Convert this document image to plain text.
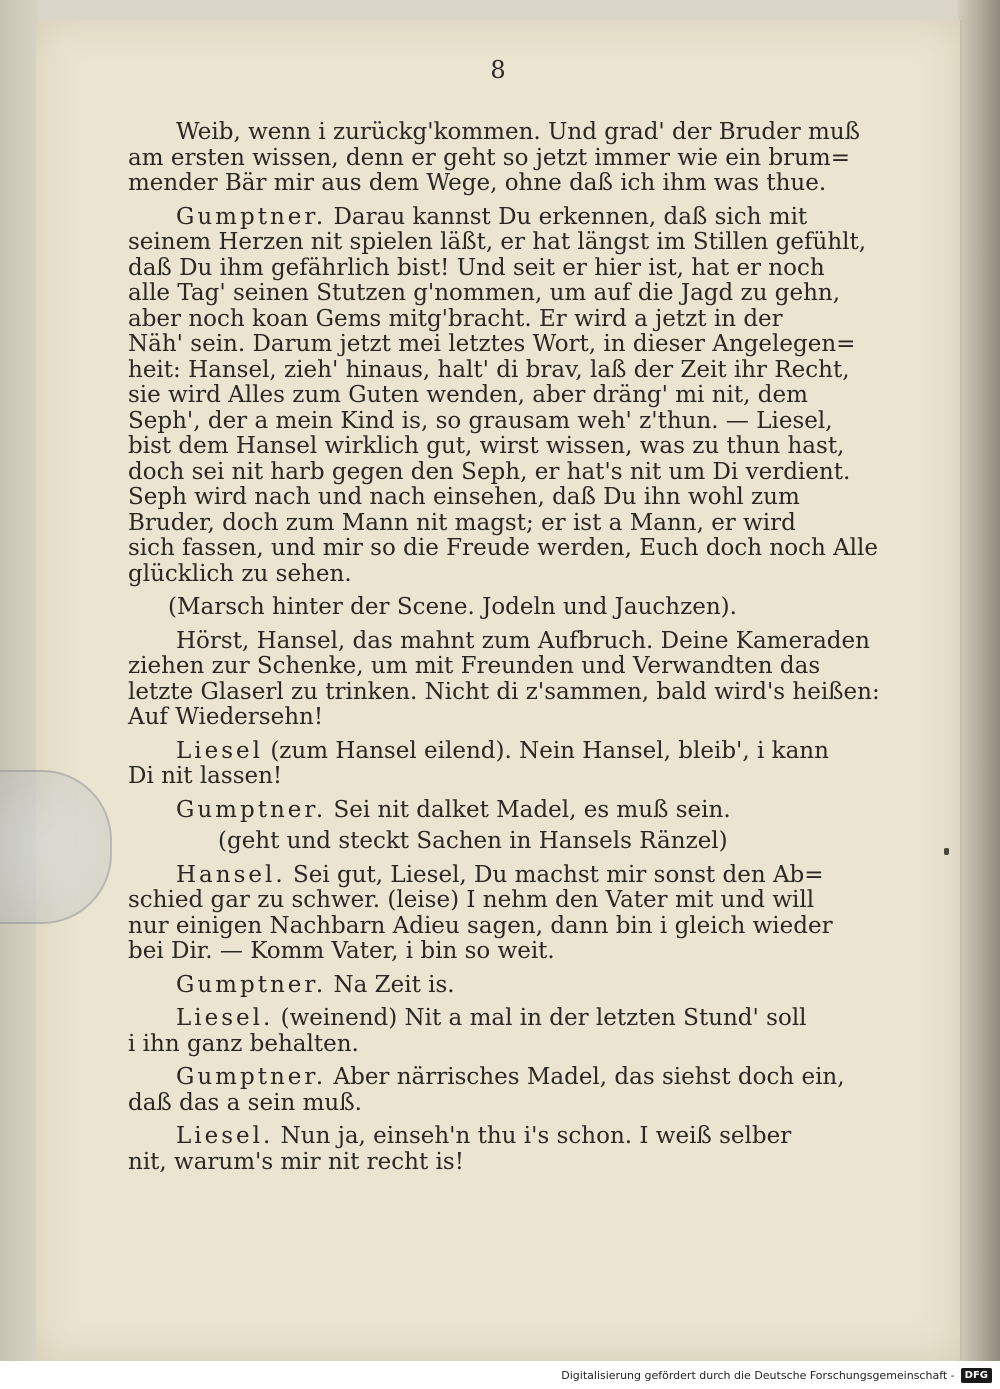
8
Weib, wenn i zurückg'kommen. Und grad' der Bruder muß
am ersten wissen, denn er geht so jetzt immer wie ein brum=
mender Bär mir aus dem Wege, ohne daß ich ihm was thue.
Gumptner. Darau kannst Du erkennen, daß sich mit
seinem Herzen nit spielen läßt, er hat längst im Stillen gefühlt,
daß Du ihm gefährlich bist! Und seit er hier ist, hat er noch
alle Tag' seinen Stutzen g'nommen, um auf die Jagd zu gehn,
aber noch koan Gems mitg'bracht. Er wird a jetzt in der
Näh' sein. Darum jetzt mei letztes Wort, in dieser Angelegen=
heit: Hansel, zieh' hinaus, halt' di brav, laß der Zeit ihr Recht,
sie wird Alles zum Guten wenden, aber dräng' mi nit, dem
Seph', der a mein Kind is, so grausam weh' z'thun. — Liesel,
bist dem Hansel wirklich gut, wirst wissen, was zu thun hast,
doch sei nit harb gegen den Seph, er hat's nit um Di verdient.
Seph wird nach und nach einsehen, daß Du ihn wohl zum
Bruder, doch zum Mann nit magst; er ist a Mann, er wird
sich fassen, und mir so die Freude werden, Euch doch noch Alle
glücklich zu sehen.
(Marsch hinter der Scene. Jodeln und Jauchzen).
Hörst, Hansel, das mahnt zum Aufbruch. Deine Kameraden
ziehen zur Schenke, um mit Freunden und Verwandten das
letzte Glaserl zu trinken. Nicht di z'sammen, bald wird's heißen:
Auf Wiedersehn!
Liesel (zum Hansel eilend). Nein Hansel, bleib', i kann
Di nit lassen!
Gumptner. Sei nit dalket Madel, es muß sein.
(geht und steckt Sachen in Hansels Ränzel)
Hansel. Sei gut, Liesel, Du machst mir sonst den Ab=
schied gar zu schwer. (leise) I nehm den Vater mit und will
nur einigen Nachbarn Adieu sagen, dann bin i gleich wieder
bei Dir. — Komm Vater, i bin so weit.
Gumptner. Na Zeit is.
Liesel. (weinend) Nit a mal in der letzten Stund' soll
i ihn ganz behalten.
Gumptner. Aber närrisches Madel, das siehst doch ein,
daß das a sein muß.
Liesel. Nun ja, einseh'n thu i's schon. I weiß selber
nit, warum's mir nit recht is!
Digitalisierung gefördert durch die Deutsche Forschungsgemeinschaft -	DFG
